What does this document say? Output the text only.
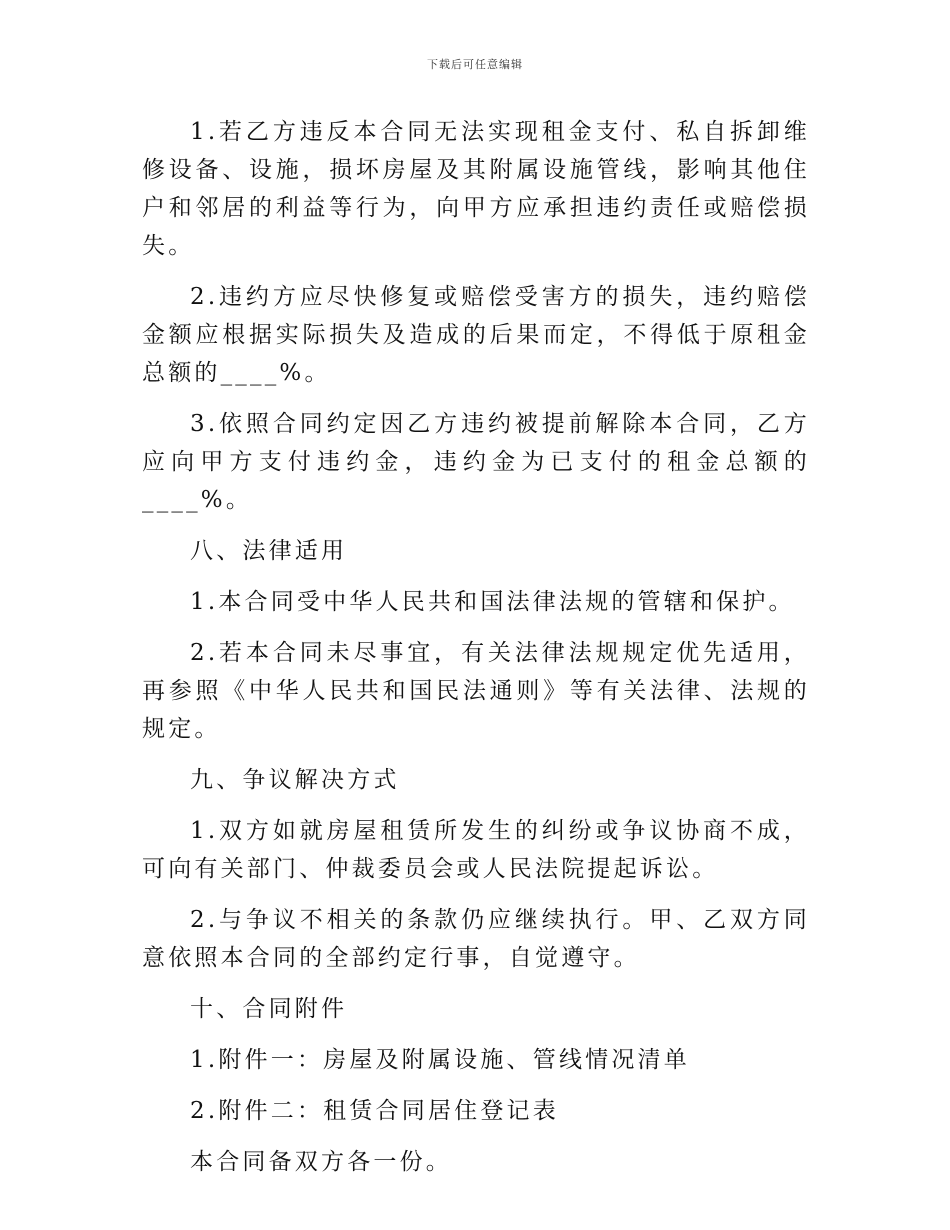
下载后可任意编辑

1.若乙方违反本合同无法实现租金支付、私自拆卸维修设备、设施，损坏房屋及其附属设施管线，影响其他住户和邻居的利益等行为，向甲方应承担违约责任或赔偿损失。

2.违约方应尽快修复或赔偿受害方的损失，违约赔偿金额应根据实际损失及造成的后果而定，不得低于原租金总额的____%。

3.依照合同约定因乙方违约被提前解除本合同，乙方应向甲方支付违约金，违约金为已支付的租金总额的____%。

八、法律适用

1.本合同受中华人民共和国法律法规的管辖和保护。

2.若本合同未尽事宜，有关法律法规规定优先适用，再参照《中华人民共和国民法通则》等有关法律、法规的规定。

九、争议解决方式

1.双方如就房屋租赁所发生的纠纷或争议协商不成，可向有关部门、仲裁委员会或人民法院提起诉讼。

2.与争议不相关的条款仍应继续执行。甲、乙双方同意依照本合同的全部约定行事，自觉遵守。

十、合同附件

1.附件一：房屋及附属设施、管线情况清单

2.附件二：租赁合同居住登记表

本合同备双方各一份。
